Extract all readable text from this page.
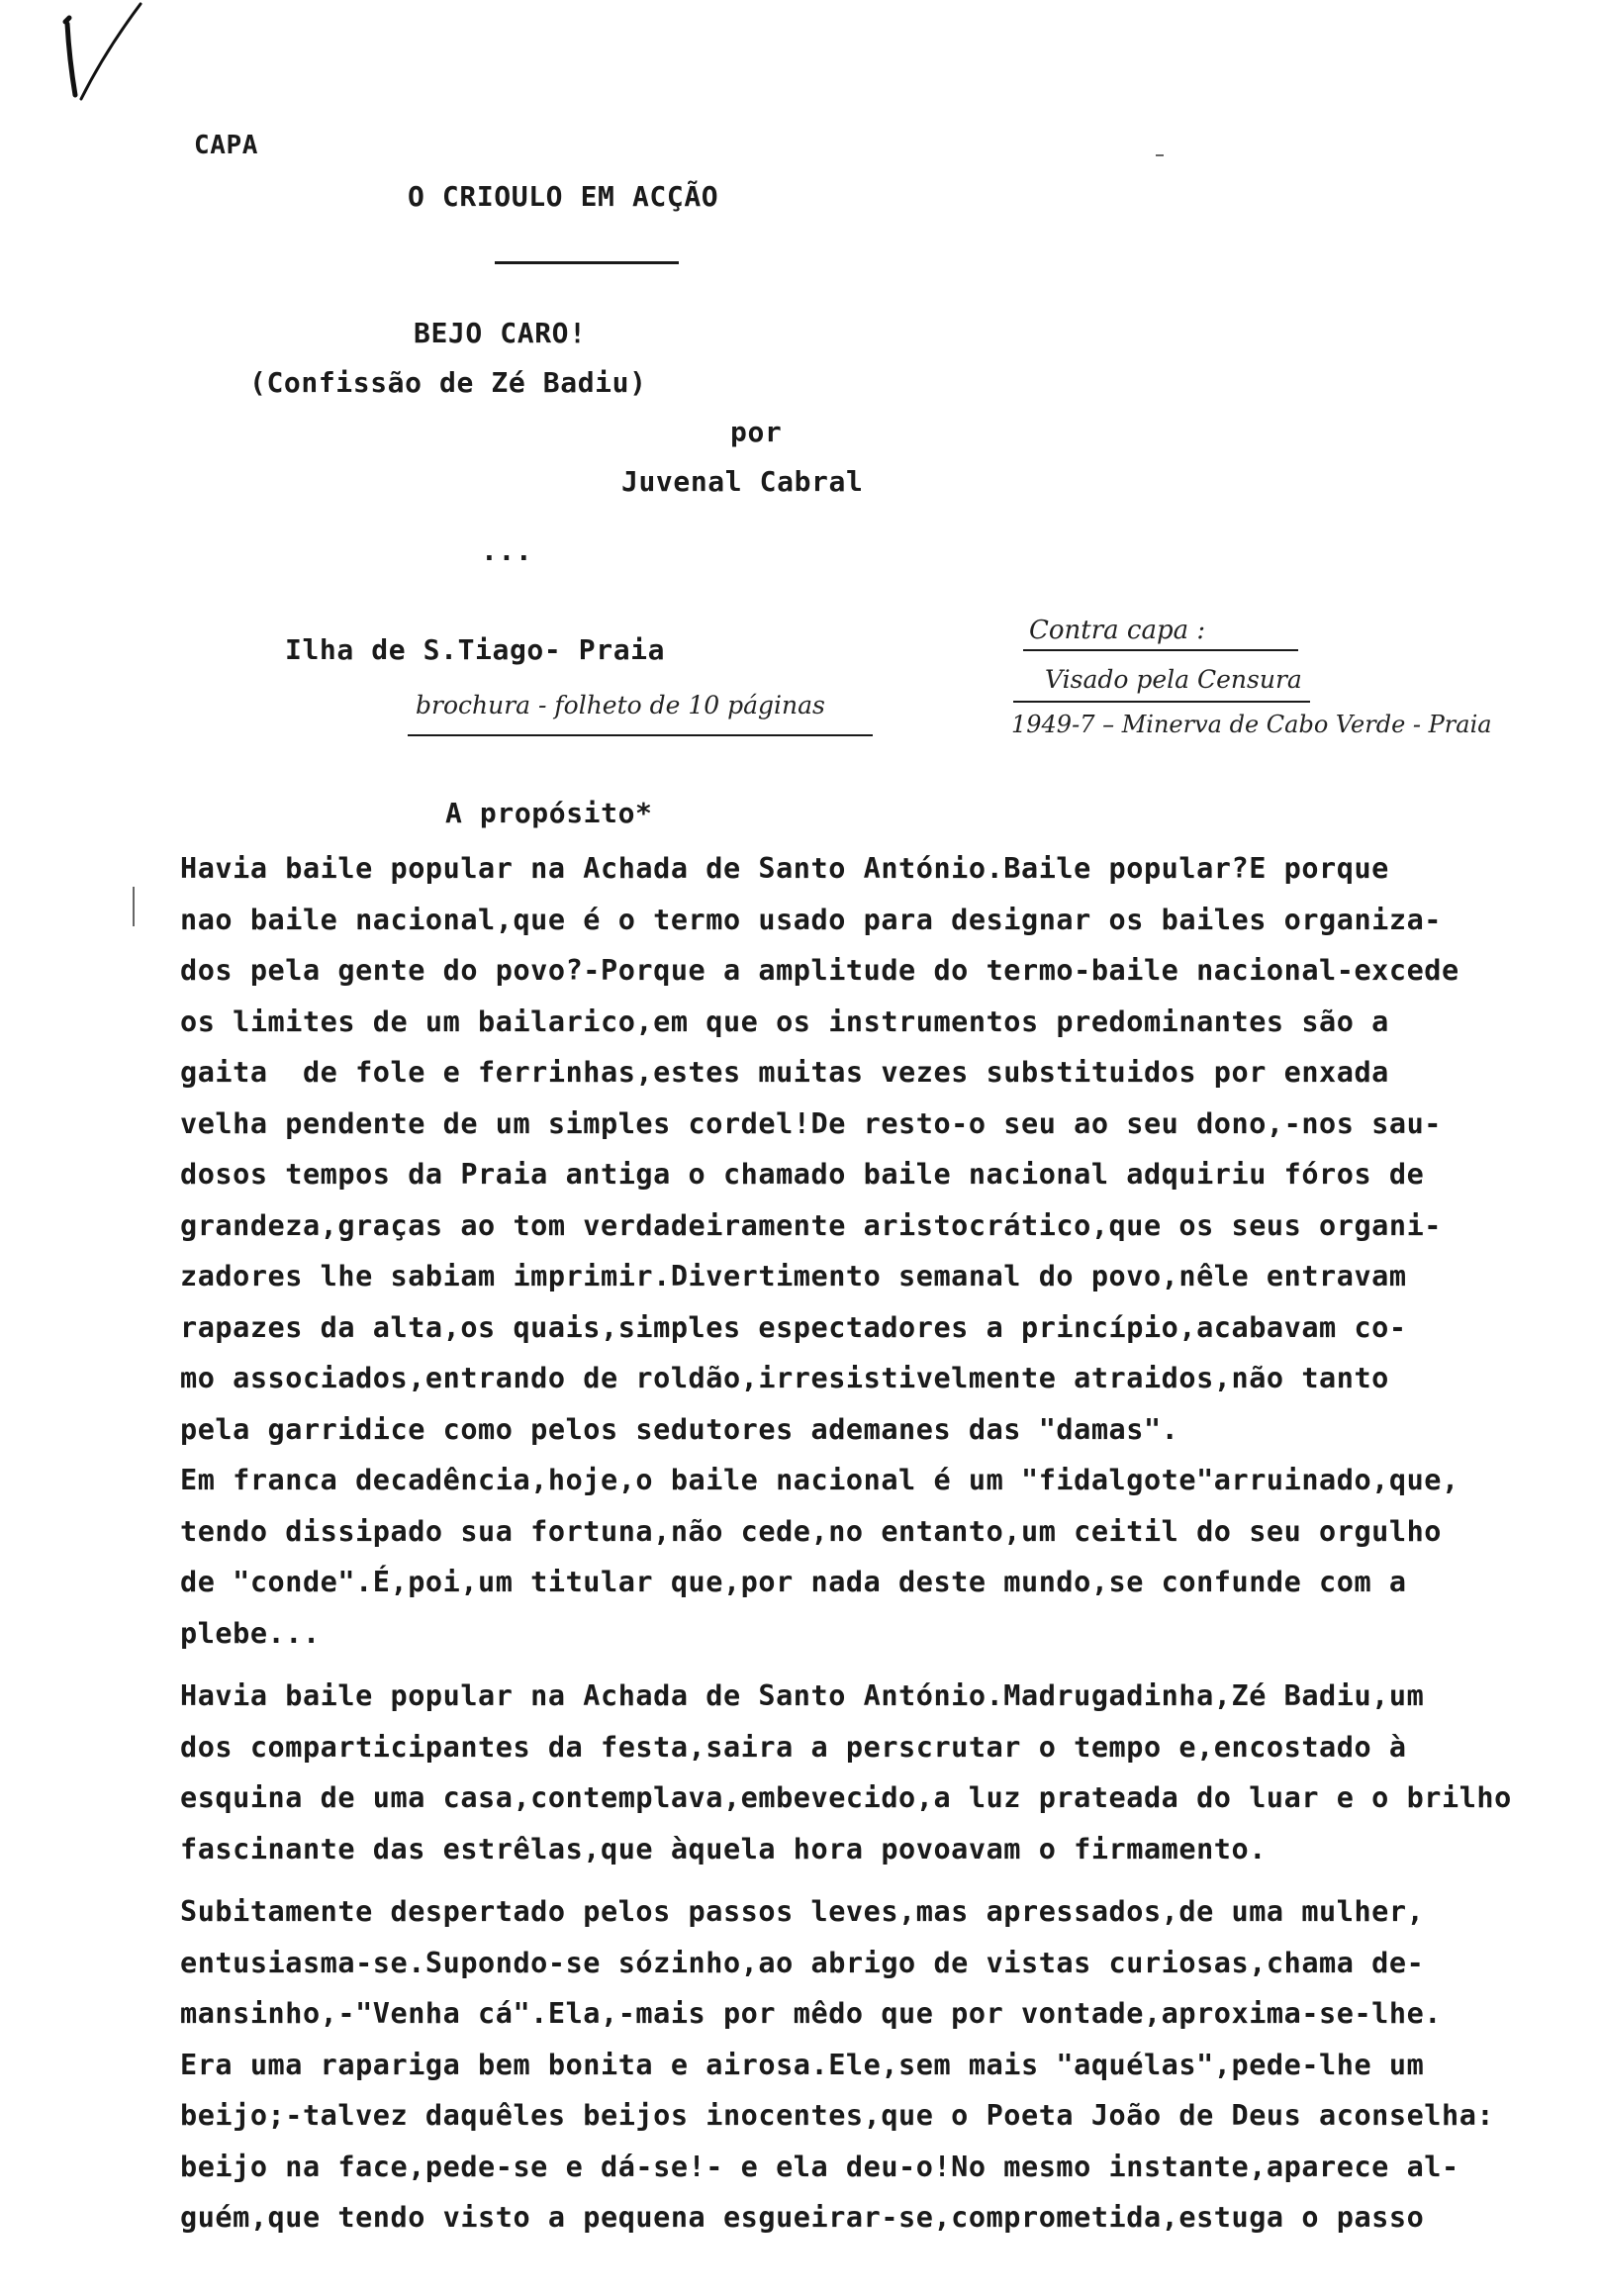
CAPA
O CRIOULO EM ACÇÃO
BEJO CARO!
(Confissão de Zé Badiu)
por
Juvenal Cabral
...
Ilha de S.Tiago- Praia
brochura - folheto de 10 páginas
Contra capa :
Visado pela Censura
1949-7 – Minerva de Cabo Verde - Praia
A propósito*
Havia baile popular na Achada de Santo António.Baile popular?E porque
nao baile nacional,que é o termo usado para designar os bailes organiza-
dos pela gente do povo?-Porque a amplitude do termo-baile nacional-excede
os limites de um bailarico,em que os instrumentos predominantes são a
gaita  de fole e ferrinhas,estes muitas vezes substituidos por enxada
velha pendente de um simples cordel!De resto-o seu ao seu dono,-nos sau-
dosos tempos da Praia antiga o chamado baile nacional adquiriu fóros de
grandeza,graças ao tom verdadeiramente aristocrático,que os seus organi-
zadores lhe sabiam imprimir.Divertimento semanal do povo,nêle entravam
rapazes da alta,os quais,simples espectadores a princípio,acabavam co-
mo associados,entrando de roldão,irresistivelmente atraidos,não tanto
pela garridice como pelos sedutores ademanes das "damas".
Em franca decadência,hoje,o baile nacional é um "fidalgote"arruinado,que,
tendo dissipado sua fortuna,não cede,no entanto,um ceitil do seu orgulho
de "conde".É,poi,um titular que,por nada deste mundo,se confunde com a
plebe...
Havia baile popular na Achada de Santo António.Madrugadinha,Zé Badiu,um
dos comparticipantes da festa,saira a perscrutar o tempo e,encostado à
esquina de uma casa,contemplava,embevecido,a luz prateada do luar e o brilho
fascinante das estrêlas,que àquela hora povoavam o firmamento.
Subitamente despertado pelos passos leves,mas apressados,de uma mulher,
entusiasma-se.Supondo-se sózinho,ao abrigo de vistas curiosas,chama de-
mansinho,-"Venha cá".Ela,-mais por mêdo que por vontade,aproxima-se-lhe.
Era uma rapariga bem bonita e airosa.Ele,sem mais "aquélas",pede-lhe um
beijo;-talvez daquêles beijos inocentes,que o Poeta João de Deus aconselha:
beijo na face,pede-se e dá-se!- e ela deu-o!No mesmo instante,aparece al-
guém,que tendo visto a pequena esgueirar-se,comprometida,estuga o passo
